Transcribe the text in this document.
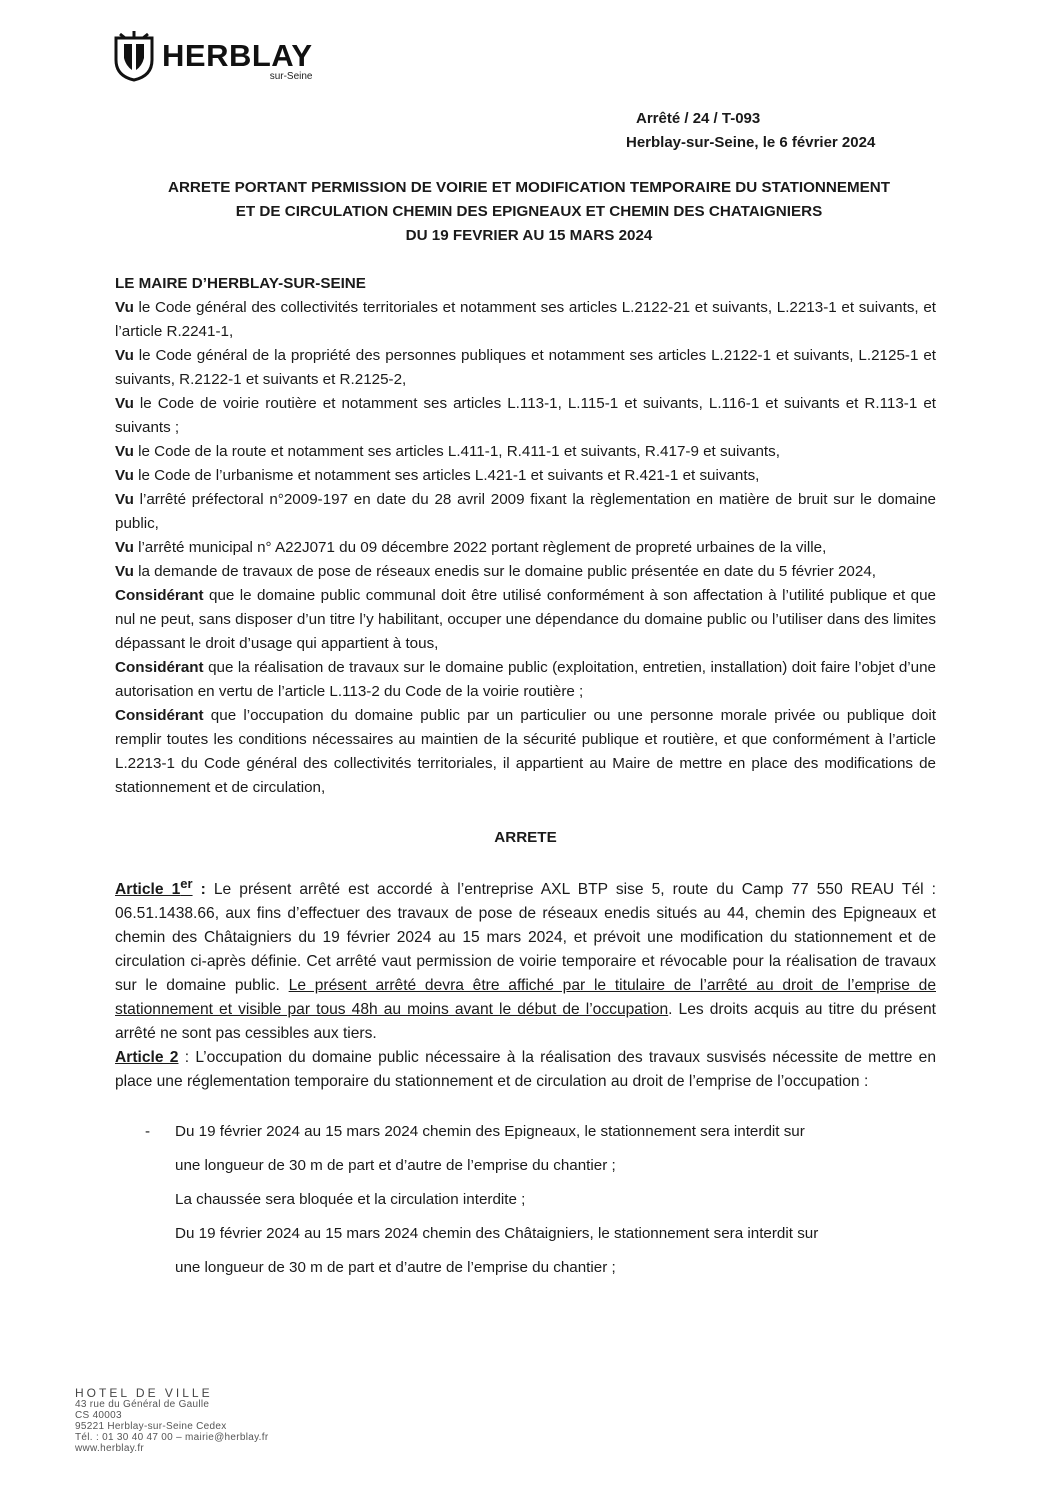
HERBLAY
sur-Seine
Arrêté / 24 / T-093
Herblay-sur-Seine, le 6 février 2024
ARRETE PORTANT PERMISSION DE VOIRIE ET MODIFICATION TEMPORAIRE DU STATIONNEMENT
ET DE CIRCULATION CHEMIN DES EPIGNEAUX ET CHEMIN DES CHATAIGNIERS
DU 19 FEVRIER AU 15 MARS 2024

LE MAIRE D’HERBLAY-SUR-SEINE

Vu le Code général des collectivités territoriales et notamment ses articles L.2122-21 et suivants, L.2213-1 et suivants, et l’article R.2241-1,

Vu le Code général de la propriété des personnes publiques et notamment ses articles L.2122-1 et suivants, L.2125-1 et suivants, R.2122-1 et suivants et R.2125-2,

Vu le Code de voirie routière et notamment ses articles L.113-1, L.115-1 et suivants, L.116-1 et suivants et R.113-1 et suivants ;

Vu le Code de la route et notamment ses articles L.411-1, R.411-1 et suivants, R.417-9 et suivants,

Vu le Code de l’urbanisme et notamment ses articles L.421-1 et suivants et R.421-1 et suivants,

Vu l’arrêté préfectoral n°2009-197 en date du 28 avril 2009 fixant la règlementation en matière de bruit sur le domaine public,

Vu l’arrêté municipal n° A22J071 du 09 décembre 2022 portant règlement de propreté urbaines de la ville,

Vu la demande de travaux de pose de réseaux enedis sur le domaine public présentée en date du 5 février 2024,

Considérant que le domaine public communal doit être utilisé conformément à son affectation à l’utilité publique et que nul ne peut, sans disposer d’un titre l’y habilitant, occuper une dépendance du domaine public ou l’utiliser dans des limites dépassant le droit d’usage qui appartient à tous,

Considérant que la réalisation de travaux sur le domaine public (exploitation, entretien, installation) doit faire l’objet d’une autorisation en vertu de l’article L.113-2 du Code de la voirie routière ;

Considérant que l’occupation du domaine public par un particulier ou une personne morale privée ou publique doit remplir toutes les conditions nécessaires au maintien de la sécurité publique et routière, et que conformément à l’article L.2213-1 du Code général des collectivités territoriales, il appartient au Maire de mettre en place des modifications de stationnement et de circulation,

ARRETE

Article 1er : Le présent arrêté est accordé à l’entreprise AXL BTP sise 5, route du Camp 77 550 REAU Tél : 06.51.1438.66, aux fins d’effectuer des travaux de pose de réseaux enedis situés au 44, chemin des Epigneaux et chemin des Châtaigniers du 19 février 2024 au 15 mars 2024, et prévoit une modification du stationnement et de circulation ci-après définie. Cet arrêté vaut permission de voirie temporaire et révocable pour la réalisation de travaux sur le domaine public. Le présent arrêté devra être affiché par le titulaire de l’arrêté au droit de l’emprise de stationnement et visible par tous 48h au moins avant le début de l’occupation. Les droits acquis au titre du présent arrêté ne sont pas cessibles aux tiers.

Article 2 : L’occupation du domaine public nécessaire à la réalisation des travaux susvisés nécessite de mettre en place une réglementation temporaire du stationnement et de circulation au droit de l’emprise de l’occupation :

- Du 19 février 2024 au 15 mars 2024 chemin des Epigneaux, le stationnement sera interdit sur

une longueur de 30 m de part et d’autre de l’emprise du chantier ;

La chaussée sera bloquée et la circulation interdite ;

Du 19 février 2024 au 15 mars 2024 chemin des Châtaigniers, le stationnement sera interdit sur

une longueur de 30 m de part et d’autre de l’emprise du chantier ;

HOTEL DE VILLE
43 rue du Général de Gaulle
CS 40003
95221 Herblay-sur-Seine Cedex
Tél. : 01 30 40 47 00 – mairie@herblay.fr
www.herblay.fr
